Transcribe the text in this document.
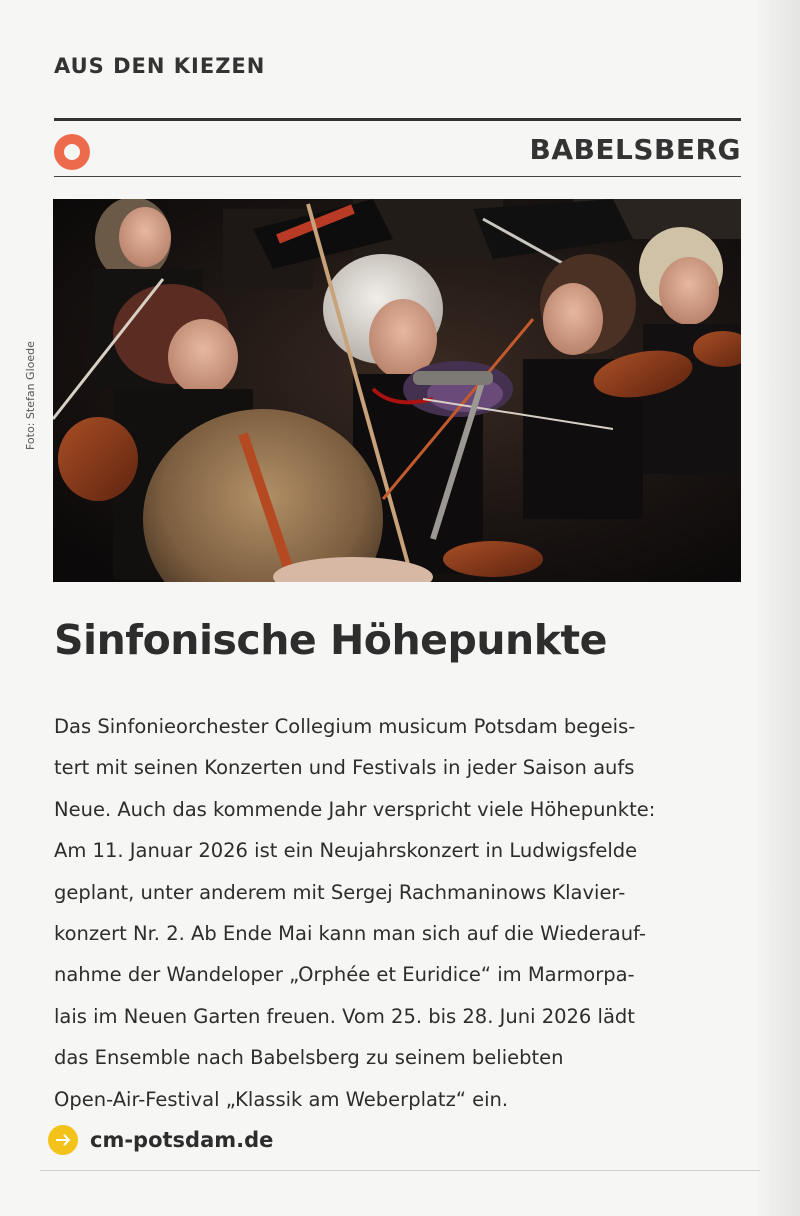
AUS DEN KIEZEN
BABELSBERG
Foto: Stefan Gloede
Sinfonische Höhepunkte

Das Sinfonieorchester Collegium musicum Potsdam begeis-
tert mit seinen Konzerten und Festivals in jeder Saison aufs
Neue. Auch das kommende Jahr verspricht viele Höhepunkte:
Am 11. Januar 2026 ist ein Neujahrskonzert in Ludwigsfelde
geplant, unter anderem mit Sergej Rachmaninows Klavier-
konzert Nr. 2. Ab Ende Mai kann man sich auf die Wiederauf-
nahme der Wandeloper „Orphée et Euridice“ im Marmorpa-
lais im Neuen Garten freuen. Vom 25. bis 28. Juni 2026 lädt
das Ensemble nach Babelsberg zu seinem beliebten
Open-Air-Festival „Klassik am Weberplatz“ ein.

cm-potsdam.de
